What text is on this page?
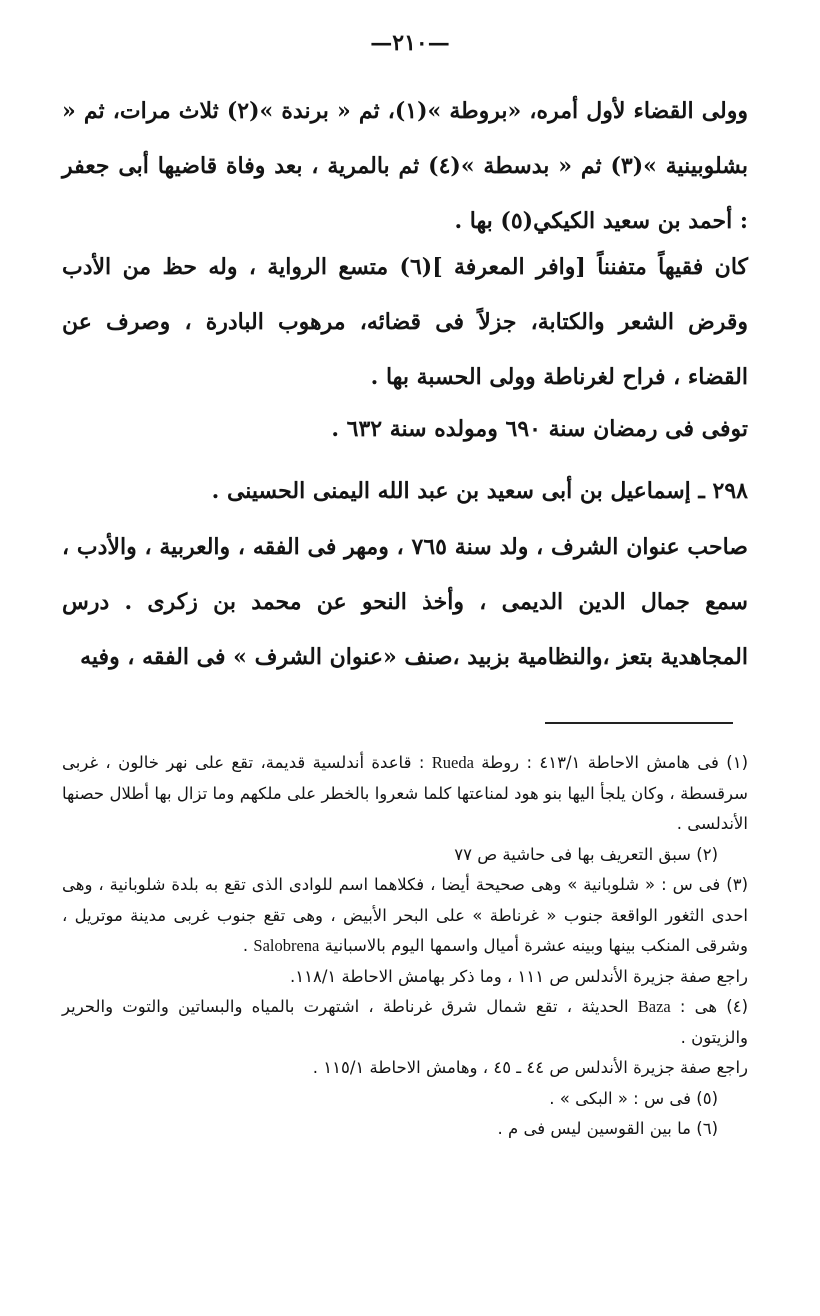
—٢١٠—

وولى القضاء لأول أمره، «بروطة »(١)، ثم « برندة »(٢) ثلاث مرات، ثم « بشلوبينية »(٣) ثم « بدسطة »(٤) ثم بالمرية ، بعد وفاة قاضيها أبى جعفر : أحمد بن سعيد الكيكي(٥) بها .

كان فقيهاً متفنناً [وافر المعرفة ](٦) متسع الرواية ، وله حظ من الأدب وقرض الشعر والكتابة، جزلاً فى قضائه، مرهوب البادرة ، وصرف عن القضاء ، فراح لغرناطة وولى الحسبة بها .

توفى فى رمضان سنة ٦٩٠ ومولده سنة ٦٣٢ .

٢٩٨ ـ إسماعيل بن أبى سعيد بن عبد الله اليمنى الحسينى .

صاحب عنوان الشرف ، ولد سنة ٧٦٥ ، ومهر فى الفقه ، والعربية ، والأدب ، سمع جمال الدين الديمى ، وأخذ النحو عن محمد بن زكرى . درس المجاهدية بتعز ،والنظامية بزبيد ،صنف «عنوان الشرف » فى الفقه ، وفيه

(١) فى هامش الاحاطة ٤١٣/١ : روطة Rueda : قاعدة أندلسية قديمة، تقع على نهر خالون ، غربى سرقسطة ، وكان يلجأ اليها بنو هود لمناعتها كلما شعروا بالخطر على ملكهم وما تزال بها أطلال حصنها الأندلسى .

(٢) سبق التعريف بها فى حاشية ص ٧٧

(٣) فى س : « شلوبانية » وهى صحيحة أيضا ، فكلاهما اسم للوادى الذى تقع به بلدة شلوبانية ، وهى احدى الثغور الواقعة جنوب « غرناطة » على البحر الأبيض ، وهى تقع جنوب غربى مدينة موتريل ، وشرقى المنكب بينها وبينه عشرة أميال واسمها اليوم بالاسبانية Salobrena .

راجع صفة جزيرة الأندلس ص ١١١ ، وما ذكر بهامش الاحاطة ١١٨/١.

(٤) هى : Baza الحديثة ، تقع شمال شرق غرناطة ، اشتهرت بالمياه والبساتين والتوت والحرير والزيتون .

راجع صفة جزيرة الأندلس ص ٤٤ ـ ٤٥ ، وهامش الاحاطة ١١٥/١ .

(٥) فى س : « البكى » .

(٦) ما بين القوسين ليس فى م .
